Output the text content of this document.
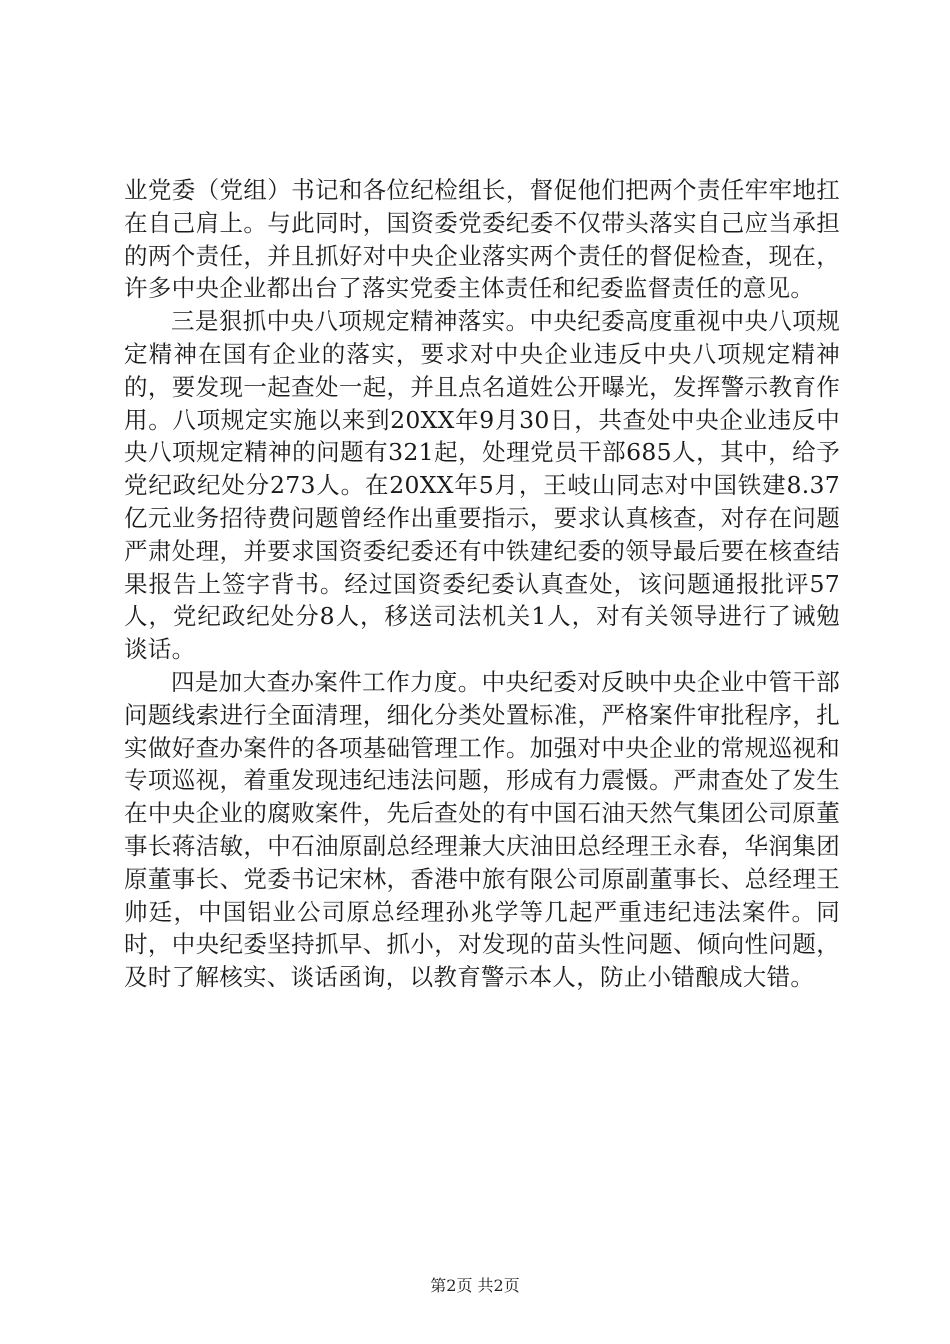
业党委（党组）书记和各位纪检组长，督促他们把两个责任牢牢地扛在自己肩上。与此同时，国资委党委纪委不仅带头落实自己应当承担的两个责任，并且抓好对中央企业落实两个责任的督促检查，现在，许多中央企业都出台了落实党委主体责任和纪委监督责任的意见。

三是狠抓中央八项规定精神落实。中央纪委高度重视中央八项规定精神在国有企业的落实，要求对中央企业违反中央八项规定精神的，要发现一起查处一起，并且点名道姓公开曝光，发挥警示教育作用。八项规定实施以来到20XX年9月30日，共查处中央企业违反中央八项规定精神的问题有321起，处理党员干部685人，其中，给予党纪政纪处分273人。在20XX年5月，王岐山同志对中国铁建8.37亿元业务招待费问题曾经作出重要指示，要求认真核查，对存在问题严肃处理，并要求国资委纪委还有中铁建纪委的领导最后要在核查结果报告上签字背书。经过国资委纪委认真查处，该问题通报批评57人，党纪政纪处分8人，移送司法机关1人，对有关领导进行了诫勉谈话。

四是加大查办案件工作力度。中央纪委对反映中央企业中管干部问题线索进行全面清理，细化分类处置标准，严格案件审批程序，扎实做好查办案件的各项基础管理工作。加强对中央企业的常规巡视和专项巡视，着重发现违纪违法问题，形成有力震慑。严肃查处了发生在中央企业的腐败案件，先后查处的有中国石油天然气集团公司原董事长蒋洁敏，中石油原副总经理兼大庆油田总经理王永春，华润集团原董事长、党委书记宋林，香港中旅有限公司原副董事长、总经理王帅廷，中国铝业公司原总经理孙兆学等几起严重违纪违法案件。同时，中央纪委坚持抓早、抓小，对发现的苗头性问题、倾向性问题，及时了解核实、谈话函询，以教育警示本人，防止小错酿成大错。

第2页 共2页
